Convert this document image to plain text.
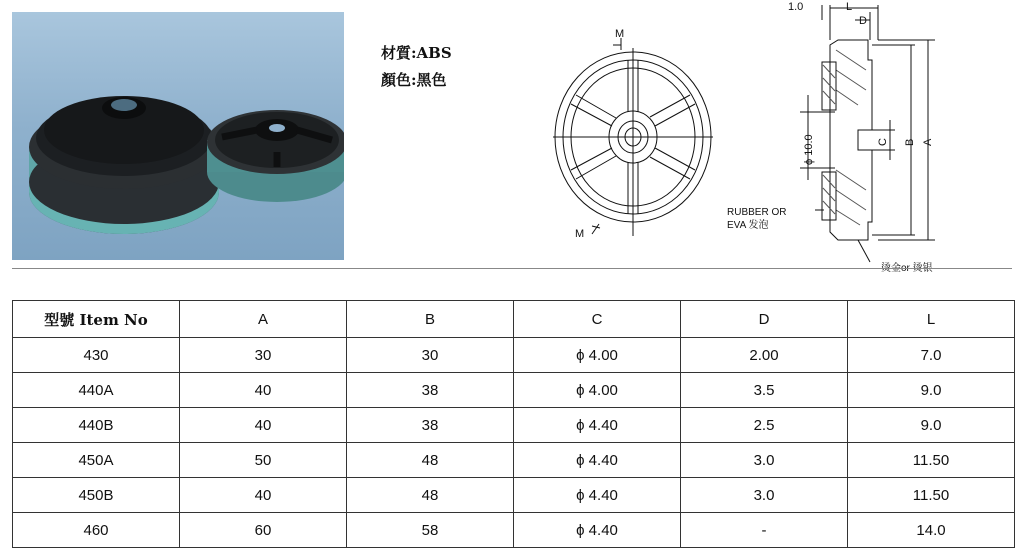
材質:ABS
顏色:黑色
M
M
1.0	L
D
C B A
ϕ 10.0
RUBBER OR
EVA 发泡
烫金or 烫银
型號 Item No	A	B	C	D	L
430	30	30	ϕ 4.00	2.00	7.0
440A	40	38	ϕ 4.00	3.5	9.0
440B	40	38	ϕ 4.40	2.5	9.0
450A	50	48	ϕ 4.40	3.0	11.50
450B	40	48	ϕ 4.40	3.0	11.50
460	60	58	ϕ 4.40	-	14.0
